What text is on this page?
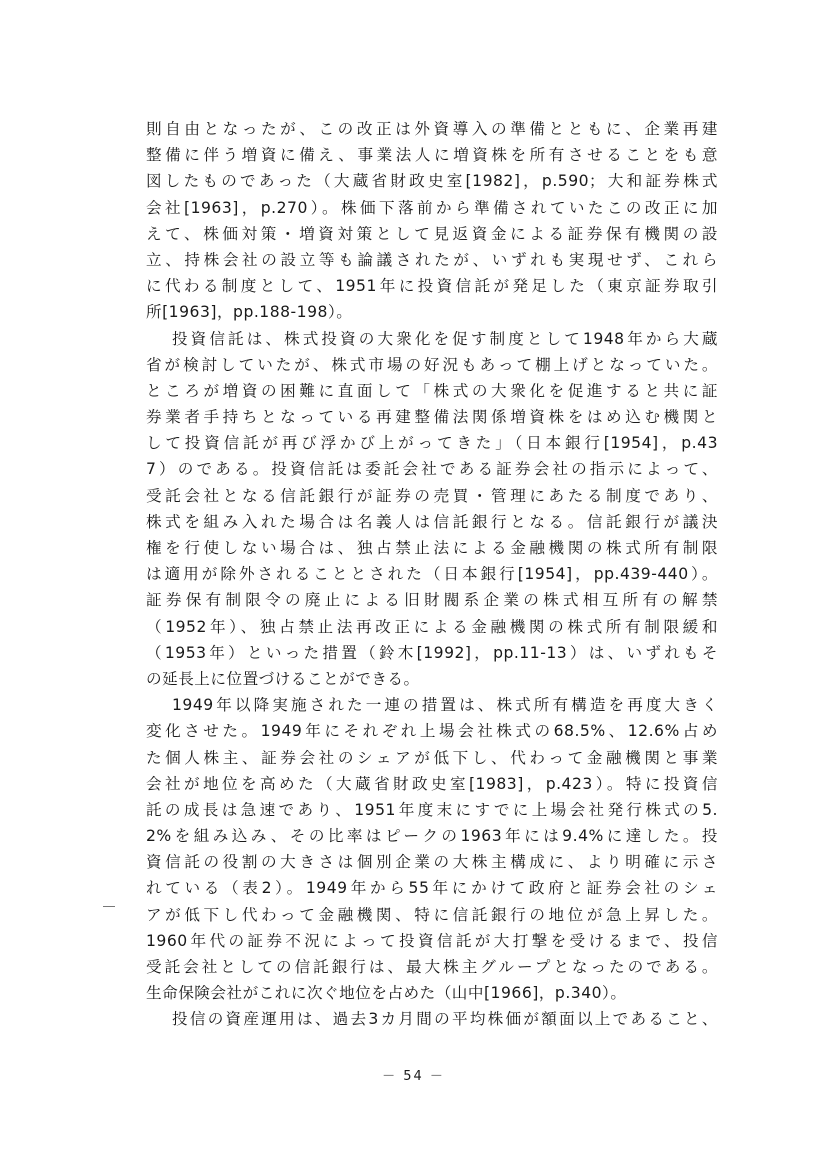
則自由となったが、この改正は外資導入の準備とともに、企業再建
整備に伴う増資に備え、事業法人に増資株を所有させることをも意
図したものであった（大蔵省財政史室[1982]，p.590；大和証券株式
会社[1963]，p.270）。株価下落前から準備されていたこの改正に加
えて、株価対策・増資対策として見返資金による証券保有機関の設
立、持株会社の設立等も論議されたが、いずれも実現せず、これら
に代わる制度として、1951年に投資信託が発足した（東京証券取引
所[1963]，pp.188-198）。
投資信託は、株式投資の大衆化を促す制度として1948年から大蔵
省が検討していたが、株式市場の好況もあって棚上げとなっていた。
ところが増資の困難に直面して「株式の大衆化を促進すると共に証
券業者手持ちとなっている再建整備法関係増資株をはめ込む機関と
して投資信託が再び浮かび上がってきた」（日本銀行[1954]，p.43
7）のである。投資信託は委託会社である証券会社の指示によって、
受託会社となる信託銀行が証券の売買・管理にあたる制度であり、
株式を組み入れた場合は名義人は信託銀行となる。信託銀行が議決
権を行使しない場合は、独占禁止法による金融機関の株式所有制限
は適用が除外されることとされた（日本銀行[1954]，pp.439-440）。
証券保有制限令の廃止による旧財閥系企業の株式相互所有の解禁
（1952年）、独占禁止法再改正による金融機関の株式所有制限緩和
（1953年）といった措置（鈴木[1992]，pp.11-13）は、いずれもそ
の延長上に位置づけることができる。
1949年以降実施された一連の措置は、株式所有構造を再度大きく
変化させた。1949年にそれぞれ上場会社株式の68.5%、12.6%占め
た個人株主、証券会社のシェアが低下し、代わって金融機関と事業
会社が地位を高めた（大蔵省財政史室[1983]，p.423）。特に投資信
託の成長は急速であり、1951年度末にすでに上場会社発行株式の5.
2%を組み込み、その比率はピークの1963年には9.4%に達した。投
資信託の役割の大きさは個別企業の大株主構成に、より明確に示さ
れている（表2）。1949年から55年にかけて政府と証券会社のシェ
アが低下し代わって金融機関、特に信託銀行の地位が急上昇した。
1960年代の証券不況によって投資信託が大打撃を受けるまで、投信
受託会社としての信託銀行は、最大株主グループとなったのである。
生命保険会社がこれに次ぐ地位を占めた（山中[1966]，p.340）。
投信の資産運用は、過去3カ月間の平均株価が額面以上であること、
－ 54 －
